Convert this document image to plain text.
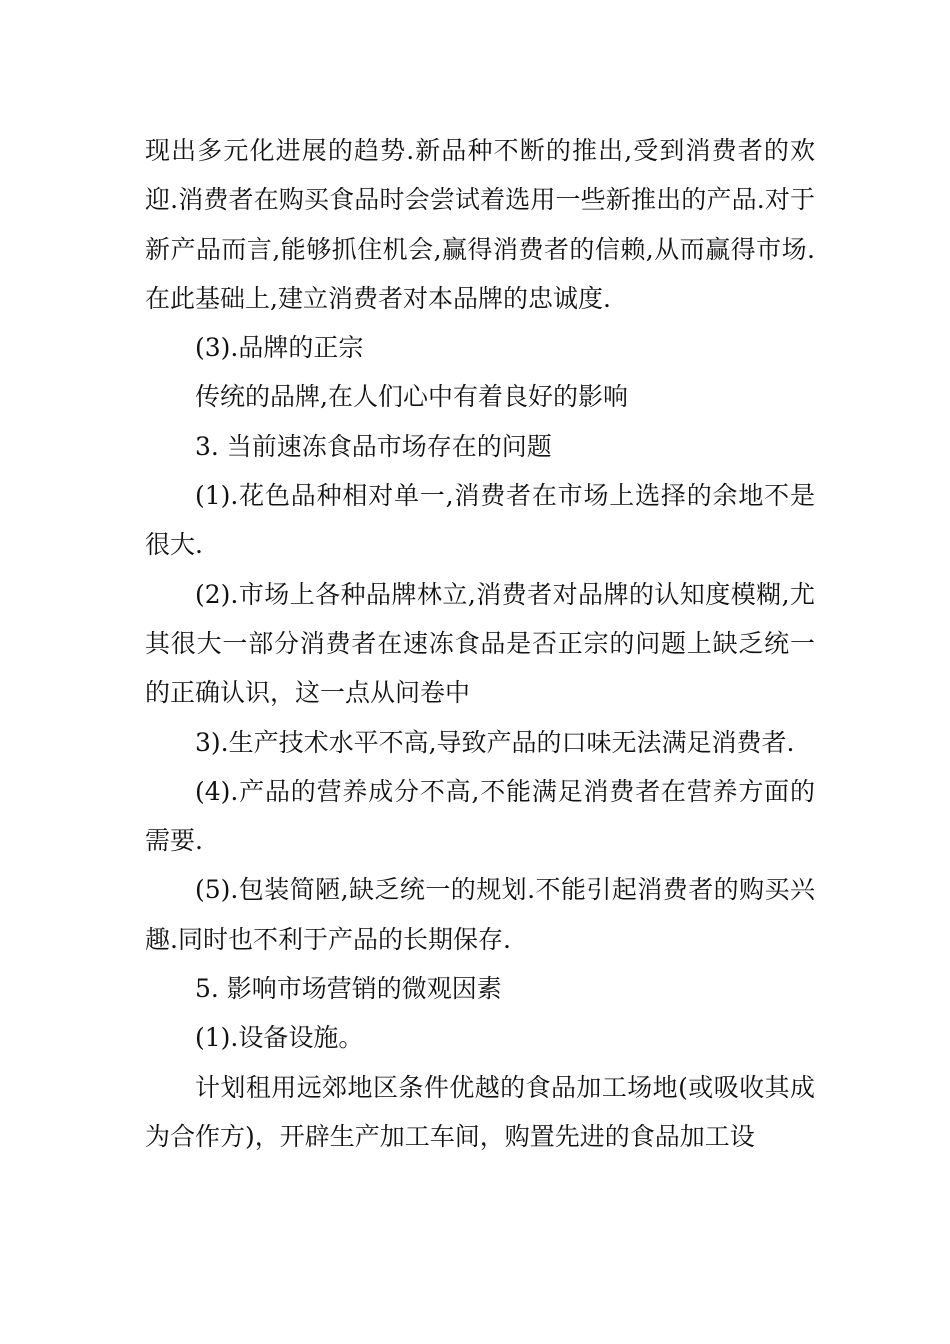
现出多元化进展的趋势.新品种不断的推出,受到消费者的欢迎.消费者在购买食品时会尝试着选用一些新推出的产品.对于新产品而言,能够抓住机会,赢得消费者的信赖,从而赢得市场.在此基础上,建立消费者对本品牌的忠诚度.

(3).品牌的正宗

传统的品牌,在人们心中有着良好的影响

3. 当前速冻食品市场存在的问题

(1).花色品种相对单一,消费者在市场上选择的余地不是很大.

(2).市场上各种品牌林立,消费者对品牌的认知度模糊,尤其很大一部分消费者在速冻食品是否正宗的问题上缺乏统一的正确认识，这一点从问卷中

3).生产技术水平不高,导致产品的口味无法满足消费者.

(4).产品的营养成分不高,不能满足消费者在营养方面的需要.

(5).包装简陋,缺乏统一的规划.不能引起消费者的购买兴趣.同时也不利于产品的长期保存.

5. 影响市场营销的微观因素

(1).设备设施。

计划租用远郊地区条件优越的食品加工场地(或吸收其成为合作方)，开辟生产加工车间，购置先进的食品加工设
